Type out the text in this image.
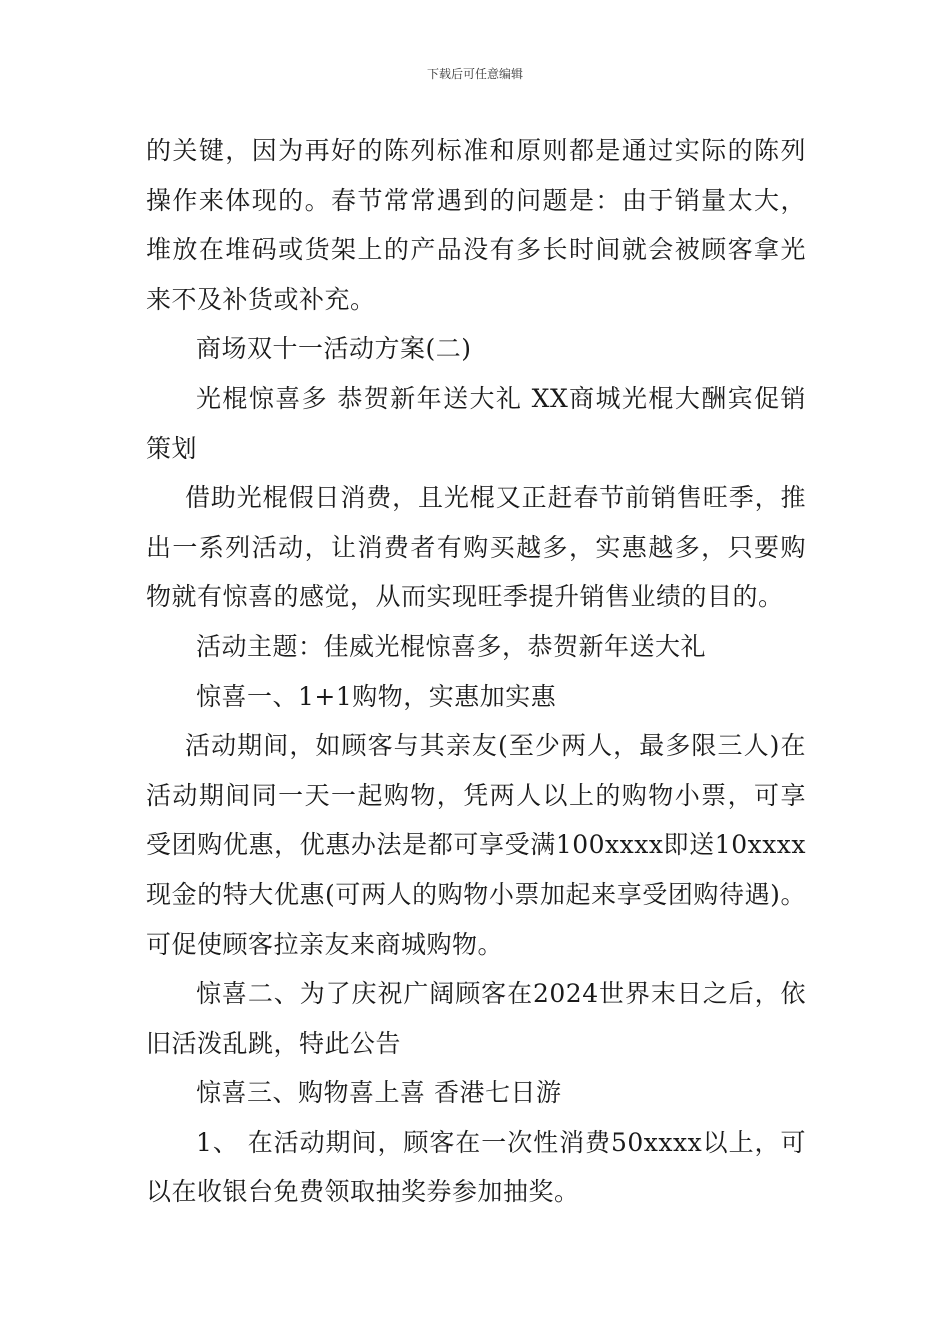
下载后可任意编辑

的关键，因为再好的陈列标准和原则都是通过实际的陈列操作来体现的。春节常常遇到的问题是：由于销量太大，堆放在堆码或货架上的产品没有多长时间就会被顾客拿光来不及补货或补充。

商场双十一活动方案(二)

光棍惊喜多 恭贺新年送大礼 XX商城光棍大酬宾促销策划

借助光棍假日消费，且光棍又正赶春节前销售旺季，推出一系列活动，让消费者有购买越多，实惠越多，只要购物就有惊喜的感觉，从而实现旺季提升销售业绩的目的。

活动主题：佳威光棍惊喜多，恭贺新年送大礼

惊喜一、1+1购物，实惠加实惠

活动期间，如顾客与其亲友(至少两人，最多限三人)在活动期间同一天一起购物，凭两人以上的购物小票，可享受团购优惠，优惠办法是都可享受满100xxxx即送10xxxx现金的特大优惠(可两人的购物小票加起来享受团购待遇)。可促使顾客拉亲友来商城购物。

惊喜二、为了庆祝广阔顾客在2024世界末日之后，依旧活泼乱跳，特此公告

惊喜三、购物喜上喜 香港七日游

1、 在活动期间，顾客在一次性消费50xxxx以上，可以在收银台免费领取抽奖券参加抽奖。
